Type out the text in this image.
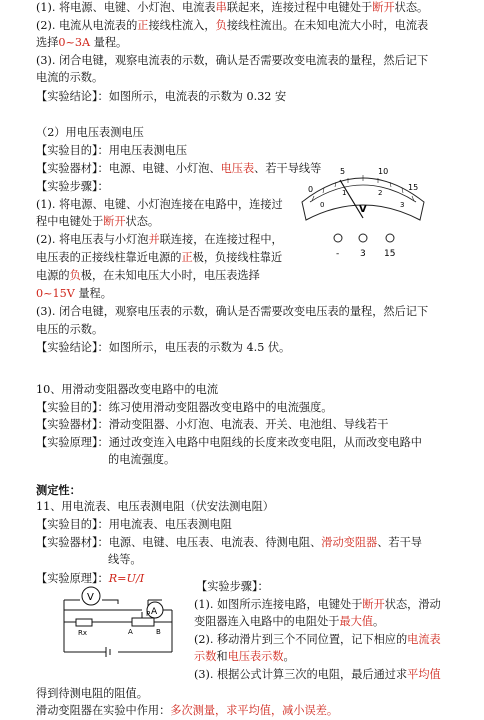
(1). 将电源、电键、小灯泡、电流表串联起来，连接过程中电键处于断开状态。
(2). 电流从电流表的正接线柱流入，负接线柱流出。在未知电流大小时，电流表
选择0~3A 量程。
(3). 闭合电键，观察电流表的示数，确认是否需要改变电流表的量程，然后记下
电流的示数。
【实验结论】：如图所示，电流表的示数为 0.32 安
（2）用电压表测电压
【实验目的】：用电压表测电压
【实验器材】：电源、电键、小灯泡、电压表、若干导线等
【实验步骤】：
(1). 将电源、电键、小灯泡连接在电路中，连接过
程中电键处于断开状态。
(2). 将电压表与小灯泡并联连接，在连接过程中，
电压表的正接线柱靠近电源的正极，负接线柱靠近
电源的负极，在未知电压大小时，电压表选择
0~15V 量程。
(3). 闭合电键，观察电压表的示数，确认是否需要改变电压表的量程，然后记下
电压的示数。
【实验结论】：如图所示，电压表的示数为 4.5 伏。
0
5	10
15
0
1	2
3
V
- 3 15
10、用滑动变阻器改变电路中的电流
【实验目的】：练习使用滑动变阻器改变电路中的电流强度。
【实验器材】：滑动变阻器、小灯泡、电流表、开关、电池组、导线若干
【实验原理】：通过改变连入电路中电阻线的长度来改变电阻，从而改变电路中
的电流强度。
测定性：
11、用电流表、电压表测电阻（伏安法测电阻）
【实验目的】：用电流表、电压表测电阻
【实验器材】：电源、电键、电压表、电流表、待测电阻、滑动变阻器、若干导
线等。
【实验原理】：R=U/I
V
A
Rx
P
A	B
【实验步骤】：
(1). 如图所示连接电路，电键处于断开状态，滑动
变阻器连入电路中的电阻处于最大值。
(2). 移动滑片到三个不同位置，记下相应的电流表
示数和电压表示数。
(3). 根据公式计算三次的电阻，最后通过求平均值
得到待测电阻的阻值。
滑动变阻器在实验中作用：多次测量，求平均值，减小误差。
